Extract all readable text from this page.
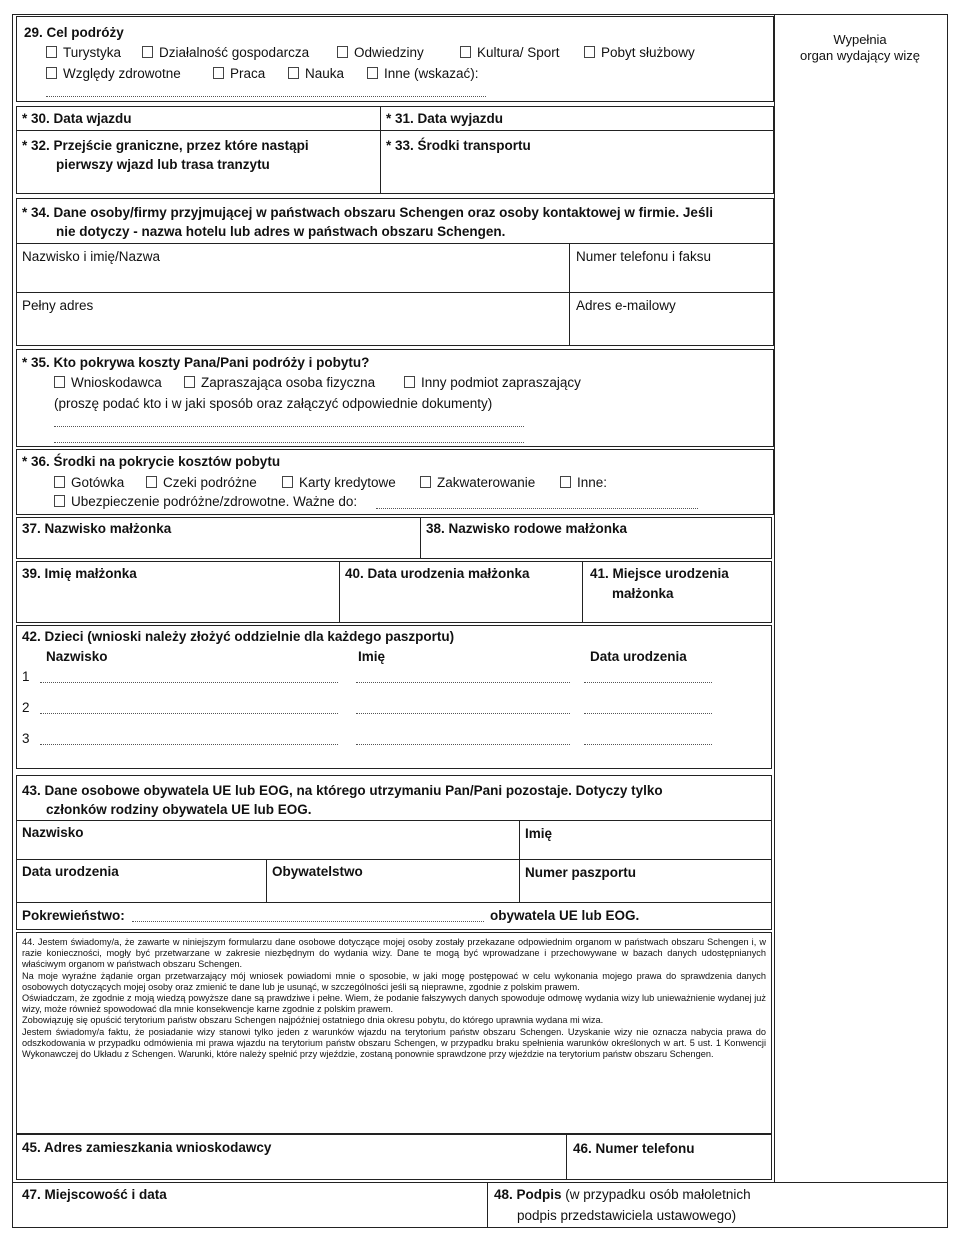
Wypełnia
organ wydający wizę
29. Cel podróży
Turystyka	Działalność gospodarcza	Odwiedziny	Kultura/ Sport	Pobyt służbowy
Względy zdrowotne	Praca	Nauka	Inne (wskazać):
* 30. Data wjazdu	* 31. Data wyjazdu
* 32. Przejście graniczne, przez które nastąpi
pierwszy wjazd lub trasa tranzytu
* 33. Środki transportu
* 34. Dane osoby/firmy przyjmującej w państwach obszaru Schengen oraz osoby kontaktowej w firmie. Jeśli
nie dotyczy - nazwa hotelu lub adres w państwach obszaru Schengen.
Nazwisko i imię/Nazwa	Numer telefonu i faksu
Pełny adres	Adres e-mailowy
* 35. Kto pokrywa koszty Pana/Pani podróży i pobytu?
Wnioskodawca	Zapraszająca osoba fizyczna	Inny podmiot zapraszający
(proszę podać kto i w jaki sposób oraz załączyć odpowiednie dokumenty)
* 36. Środki na pokrycie kosztów pobytu
Gotówka	Czeki podróżne	Karty kredytowe	Zakwaterowanie	Inne:
Ubezpieczenie podróżne/zdrowotne. Ważne do:
37. Nazwisko małżonka	38. Nazwisko rodowe małżonka
39. Imię małżonka	40. Data urodzenia małżonka	41. Miejsce urodzenia
małżonka
42. Dzieci (wnioski należy złożyć oddzielnie dla każdego paszportu)
Nazwisko	Imię	Data urodzenia
1
2
3
43. Dane osobowe obywatela UE lub EOG, na którego utrzymaniu Pan/Pani pozostaje. Dotyczy tylko
członków rodziny obywatela UE lub EOG.
Nazwisko	Imię
Data urodzenia	Obywatelstwo	Numer paszportu
Pokrewieństwo:	obywatela UE lub EOG.

44. Jestem świadomy/a, że zawarte w niniejszym formularzu dane osobowe dotyczące mojej osoby zostały przekazane odpowiednim organom w państwach obszaru Schengen i, w razie konieczności, mogły być przetwarzane w zakresie niezbędnym do wydania wizy. Dane te mogą być wprowadzane i przechowywane w bazach danych udostępnianych właściwym organom w państwach obszaru Schengen.

Na moje wyraźne żądanie organ przetwarzający mój wniosek powiadomi mnie o sposobie, w jaki mogę postępować w celu wykonania mojego prawa do sprawdzenia danych osobowych dotyczących mojej osoby oraz zmienić te dane lub je usunąć, w szczególności jeśli są nieprawne, zgodnie z polskim prawem.

Oświadczam, że zgodnie z moją wiedzą powyższe dane są prawdziwe i pełne. Wiem, że podanie fałszywych danych spowoduje odmowę wydania wizy lub unieważnienie wydanej już wizy, może również spowodować dla mnie konsekwencje karne zgodnie z polskim prawem.

Zobowiązuję się opuścić terytorium państw obszaru Schengen najpóźniej ostatniego dnia okresu pobytu, do którego uprawnia wydana mi wiza.

Jestem świadomy/a faktu, że posiadanie wizy stanowi tylko jeden z warunków wjazdu na terytorium państw obszaru Schengen. Uzyskanie wizy nie oznacza nabycia prawa do odszkodowania w przypadku odmówienia mi prawa wjazdu na terytorium państw obszaru Schengen, w przypadku braku spełnienia warunków określonych w art. 5 ust. 1 Konwencji Wykonawczej do Układu z Schengen. Warunki, które należy spełnić przy wjeździe, zostaną ponownie sprawdzone przy wjeździe na terytorium państw obszaru Schengen.

45. Adres zamieszkania wnioskodawcy	46. Numer telefonu
47. Miejscowość i data	48. Podpis (w przypadku osób małoletnich
podpis przedstawiciela ustawowego)
